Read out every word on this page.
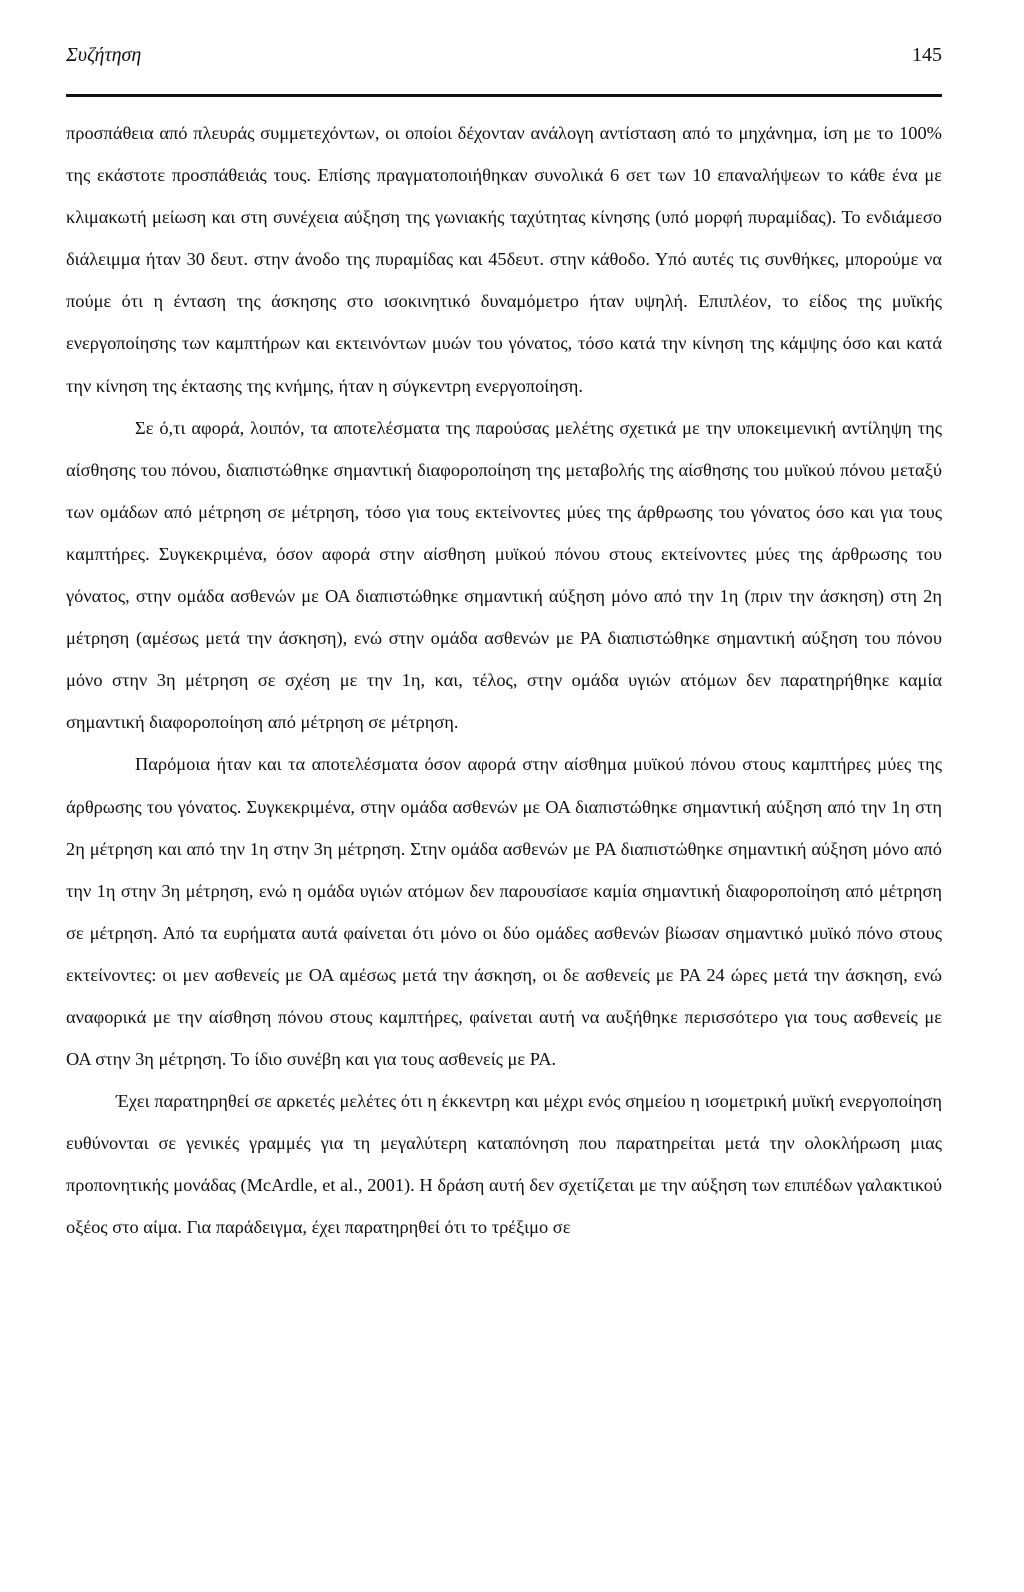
Συζήτηση	145

προσπάθεια από πλευράς συμμετεχόντων, οι οποίοι δέχονταν ανάλογη αντίσταση από το μηχάνημα, ίση με το 100% της εκάστοτε προσπάθειάς τους. Επίσης πραγματοποιήθηκαν συνολικά 6 σετ των 10 επαναλήψεων το κάθε ένα με κλιμακωτή μείωση και στη συνέχεια αύξηση της γωνιακής ταχύτητας κίνησης (υπό μορφή πυραμίδας). Το ενδιάμεσο διάλειμμα ήταν 30 δευτ. στην άνοδο της πυραμίδας και 45δευτ. στην κάθοδο. Υπό αυτές τις συνθήκες, μπορούμε να πούμε ότι η ένταση της άσκησης στο ισοκινητικό δυναμόμετρο ήταν υψηλή. Επιπλέον, το είδος της μυϊκής ενεργοποίησης των καμπτήρων και εκτεινόντων μυών του γόνατος, τόσο κατά την κίνηση της κάμψης όσο και κατά την κίνηση της έκτασης της κνήμης, ήταν η σύγκεντρη ενεργοποίηση.

Σε ό,τι αφορά, λοιπόν, τα αποτελέσματα της παρούσας μελέτης σχετικά με την υποκειμενική αντίληψη της αίσθησης του πόνου, διαπιστώθηκε σημαντική διαφοροποίηση της μεταβολής της αίσθησης του μυϊκού πόνου μεταξύ των ομάδων από μέτρηση σε μέτρηση, τόσο για τους εκτείνοντες μύες της άρθρωσης του γόνατος όσο και για τους καμπτήρες. Συγκεκριμένα, όσον αφορά στην αίσθηση μυϊκού πόνου στους εκτείνοντες μύες της άρθρωσης του γόνατος, στην ομάδα ασθενών με ΟΑ διαπιστώθηκε σημαντική αύξηση μόνο από την 1η (πριν την άσκηση) στη 2η μέτρηση (αμέσως μετά την άσκηση), ενώ στην ομάδα ασθενών με ΡΑ διαπιστώθηκε σημαντική αύξηση του πόνου μόνο στην 3η μέτρηση σε σχέση με την 1η, και, τέλος, στην ομάδα υγιών ατόμων δεν παρατηρήθηκε καμία σημαντική διαφοροποίηση από μέτρηση σε μέτρηση.

Παρόμοια ήταν και τα αποτελέσματα όσον αφορά στην αίσθημα μυϊκού πόνου στους καμπτήρες μύες της άρθρωσης του γόνατος. Συγκεκριμένα, στην ομάδα ασθενών με ΟΑ διαπιστώθηκε σημαντική αύξηση από την 1η στη 2η μέτρηση και από την 1η στην 3η μέτρηση. Στην ομάδα ασθενών με ΡΑ διαπιστώθηκε σημαντική αύξηση μόνο από την 1η στην 3η μέτρηση, ενώ η ομάδα υγιών ατόμων δεν παρουσίασε καμία σημαντική διαφοροποίηση από μέτρηση σε μέτρηση. Από τα ευρήματα αυτά φαίνεται ότι μόνο οι δύο ομάδες ασθενών βίωσαν σημαντικό μυϊκό πόνο στους εκτείνοντες: οι μεν ασθενείς με ΟΑ αμέσως μετά την άσκηση, οι δε ασθενείς με ΡΑ 24 ώρες μετά την άσκηση, ενώ αναφορικά με την αίσθηση πόνου στους καμπτήρες, φαίνεται αυτή να αυξήθηκε περισσότερο για τους ασθενείς με ΟΑ στην 3η μέτρηση. Το ίδιο συνέβη και για τους ασθενείς με ΡΑ.

Έχει παρατηρηθεί σε αρκετές μελέτες ότι η έκκεντρη και μέχρι ενός σημείου η ισομετρική μυϊκή ενεργοποίηση ευθύνονται σε γενικές γραμμές για τη μεγαλύτερη καταπόνηση που παρατηρείται μετά την ολοκλήρωση μιας προπονητικής μονάδας (McArdle, et al., 2001). Η δράση αυτή δεν σχετίζεται με την αύξηση των επιπέδων γαλακτικού οξέος στο αίμα. Για παράδειγμα, έχει παρατηρηθεί ότι το τρέξιμο σε
